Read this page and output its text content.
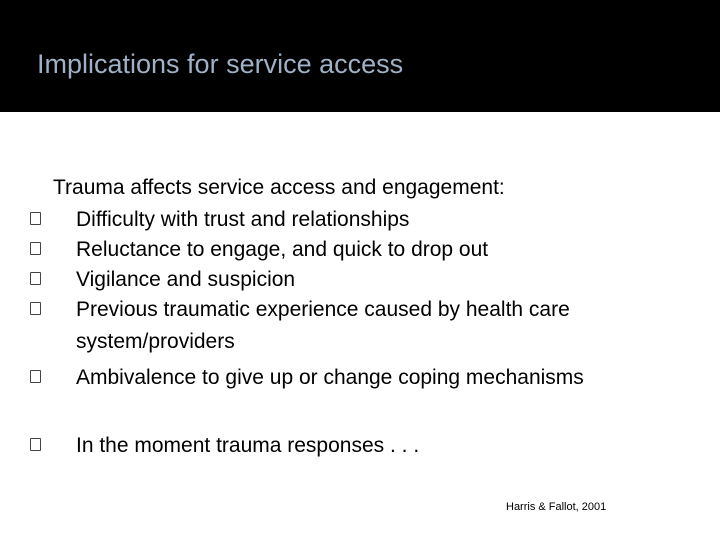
Implications for service access
Trauma affects service access and engagement:
Difficulty with trust and relationships
Reluctance to engage, and quick to drop out
Vigilance and suspicion
Previous traumatic experience caused by health care
system/providers
Ambivalence to give up or change coping mechanisms
In the moment trauma responses . . .
Harris & Fallot, 2001
